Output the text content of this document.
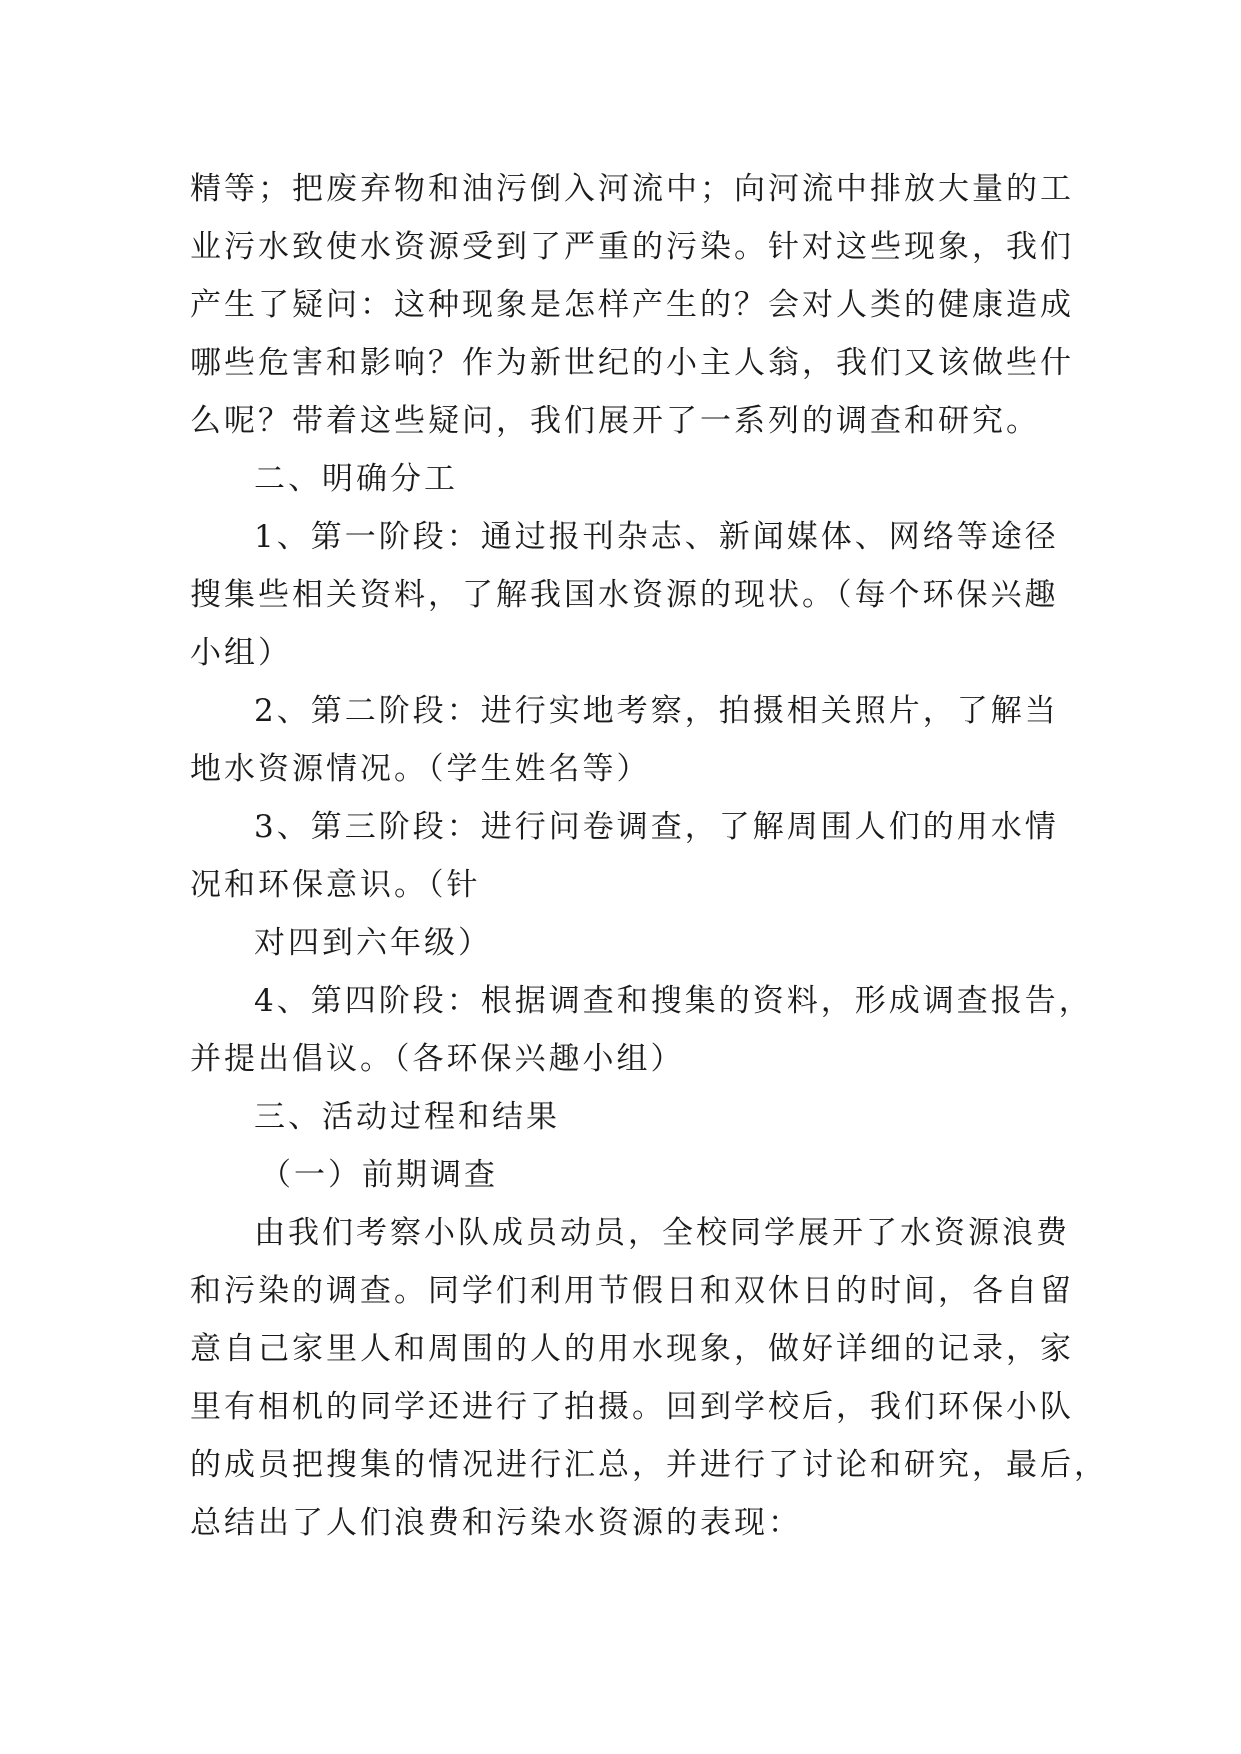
精等；把废弃物和油污倒入河流中；向河流中排放大量的工
业污水致使水资源受到了严重的污染。针对这些现象，我们
产生了疑问：这种现象是怎样产生的？会对人类的健康造成
哪些危害和影响？作为新世纪的小主人翁，我们又该做些什
么呢？带着这些疑问，我们展开了一系列的调查和研究。
二、明确分工
1、第一阶段：通过报刊杂志、新闻媒体、网络等途径
搜集些相关资料，了解我国水资源的现状。（每个环保兴趣
小组）
2、第二阶段：进行实地考察，拍摄相关照片，了解当
地水资源情况。（学生姓名等）
3、第三阶段：进行问卷调查，了解周围人们的用水情
况和环保意识。（针
对四到六年级）
4、第四阶段：根据调查和搜集的资料，形成调查报告，
并提出倡议。（各环保兴趣小组）
三、活动过程和结果
（一）前期调查
由我们考察小队成员动员，全校同学展开了水资源浪费
和污染的调查。同学们利用节假日和双休日的时间，各自留
意自己家里人和周围的人的用水现象，做好详细的记录，家
里有相机的同学还进行了拍摄。回到学校后，我们环保小队
的成员把搜集的情况进行汇总，并进行了讨论和研究，最后，
总结出了人们浪费和污染水资源的表现：
